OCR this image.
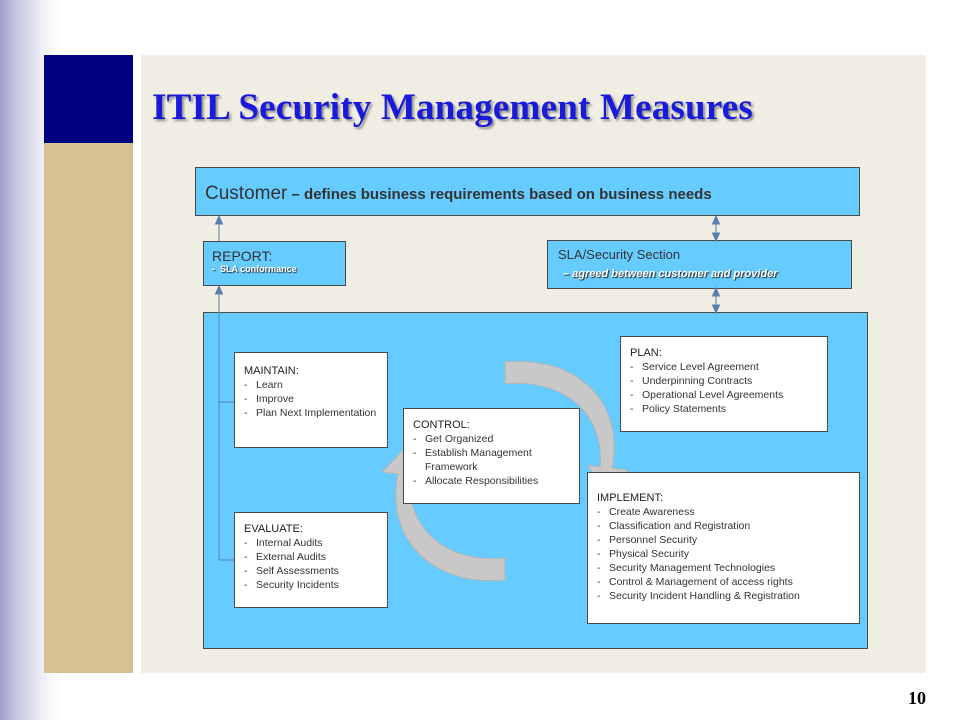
ITIL Security Management Measures
Customer – defines business requirements based on business needs
REPORT:
-  SLA conformance
SLA/Security Section
– agreed between customer and provider
MAINTAIN:
- Learn
- Improve
- Plan Next Implementation
EVALUATE:
- Internal Audits
- External Audits
- Self Assessments
- Security Incidents
CONTROL:
- Get Organized
- Establish Management Framework
- Allocate Responsibilities
PLAN:
- Service Level Agreement
- Underpinning Contracts
- Operational Level Agreements
- Policy Statements
IMPLEMENT:
- Create Awareness
- Classification and Registration
- Personnel Security
- Physical Security
- Security Management Technologies
- Control & Management of access rights
- Security Incident Handling & Registration
10
